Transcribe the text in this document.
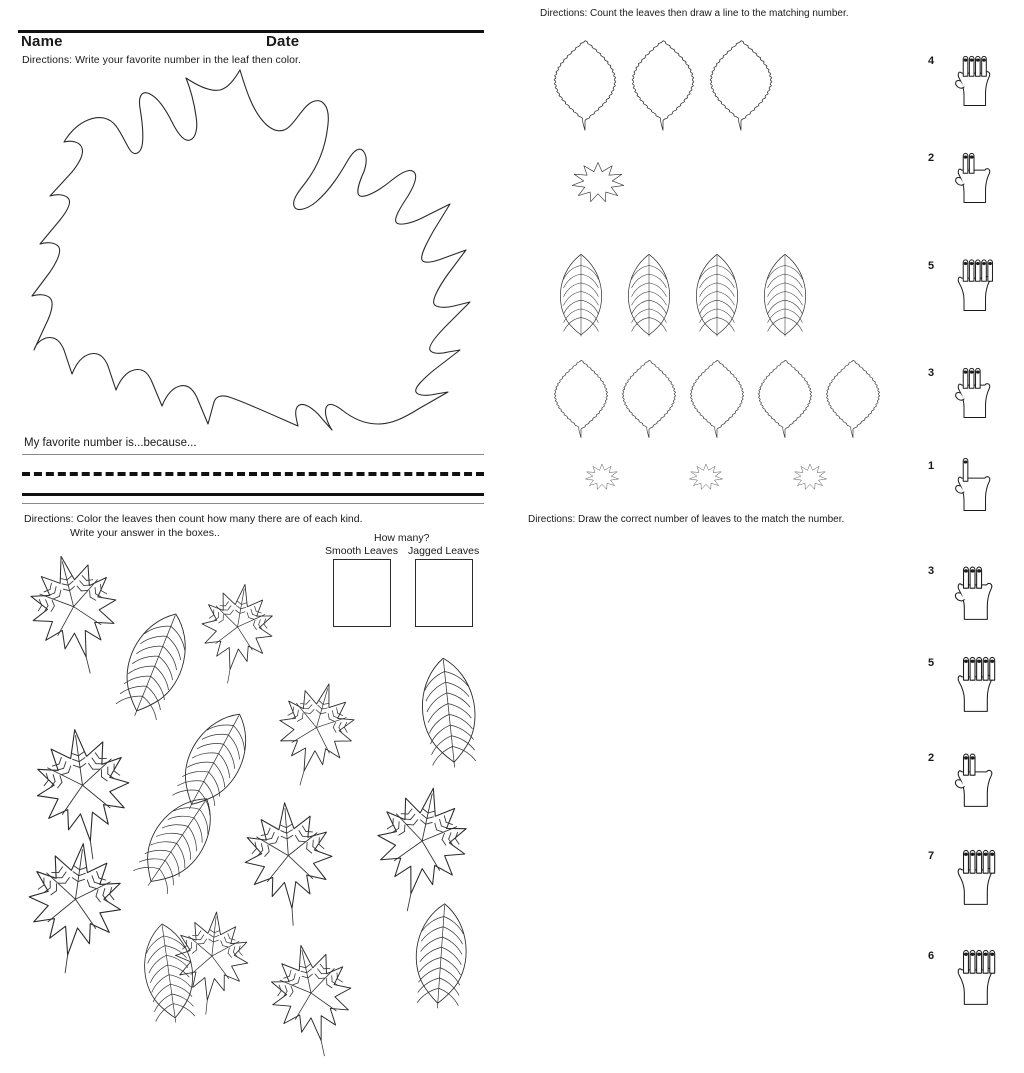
Name	Date
Directions: Write your favorite number in the leaf then color.
My favorite number is...because...
Directions: Color the leaves then count how many there are of each kind.
Write your answer in the boxes..	How many?
Smooth Leaves Jagged Leaves
Directions: Count the leaves then draw a line to the matching number.
4
2
5
3
1
Directions: Draw the correct number of leaves to the match the number.
3
5
2
7
6
